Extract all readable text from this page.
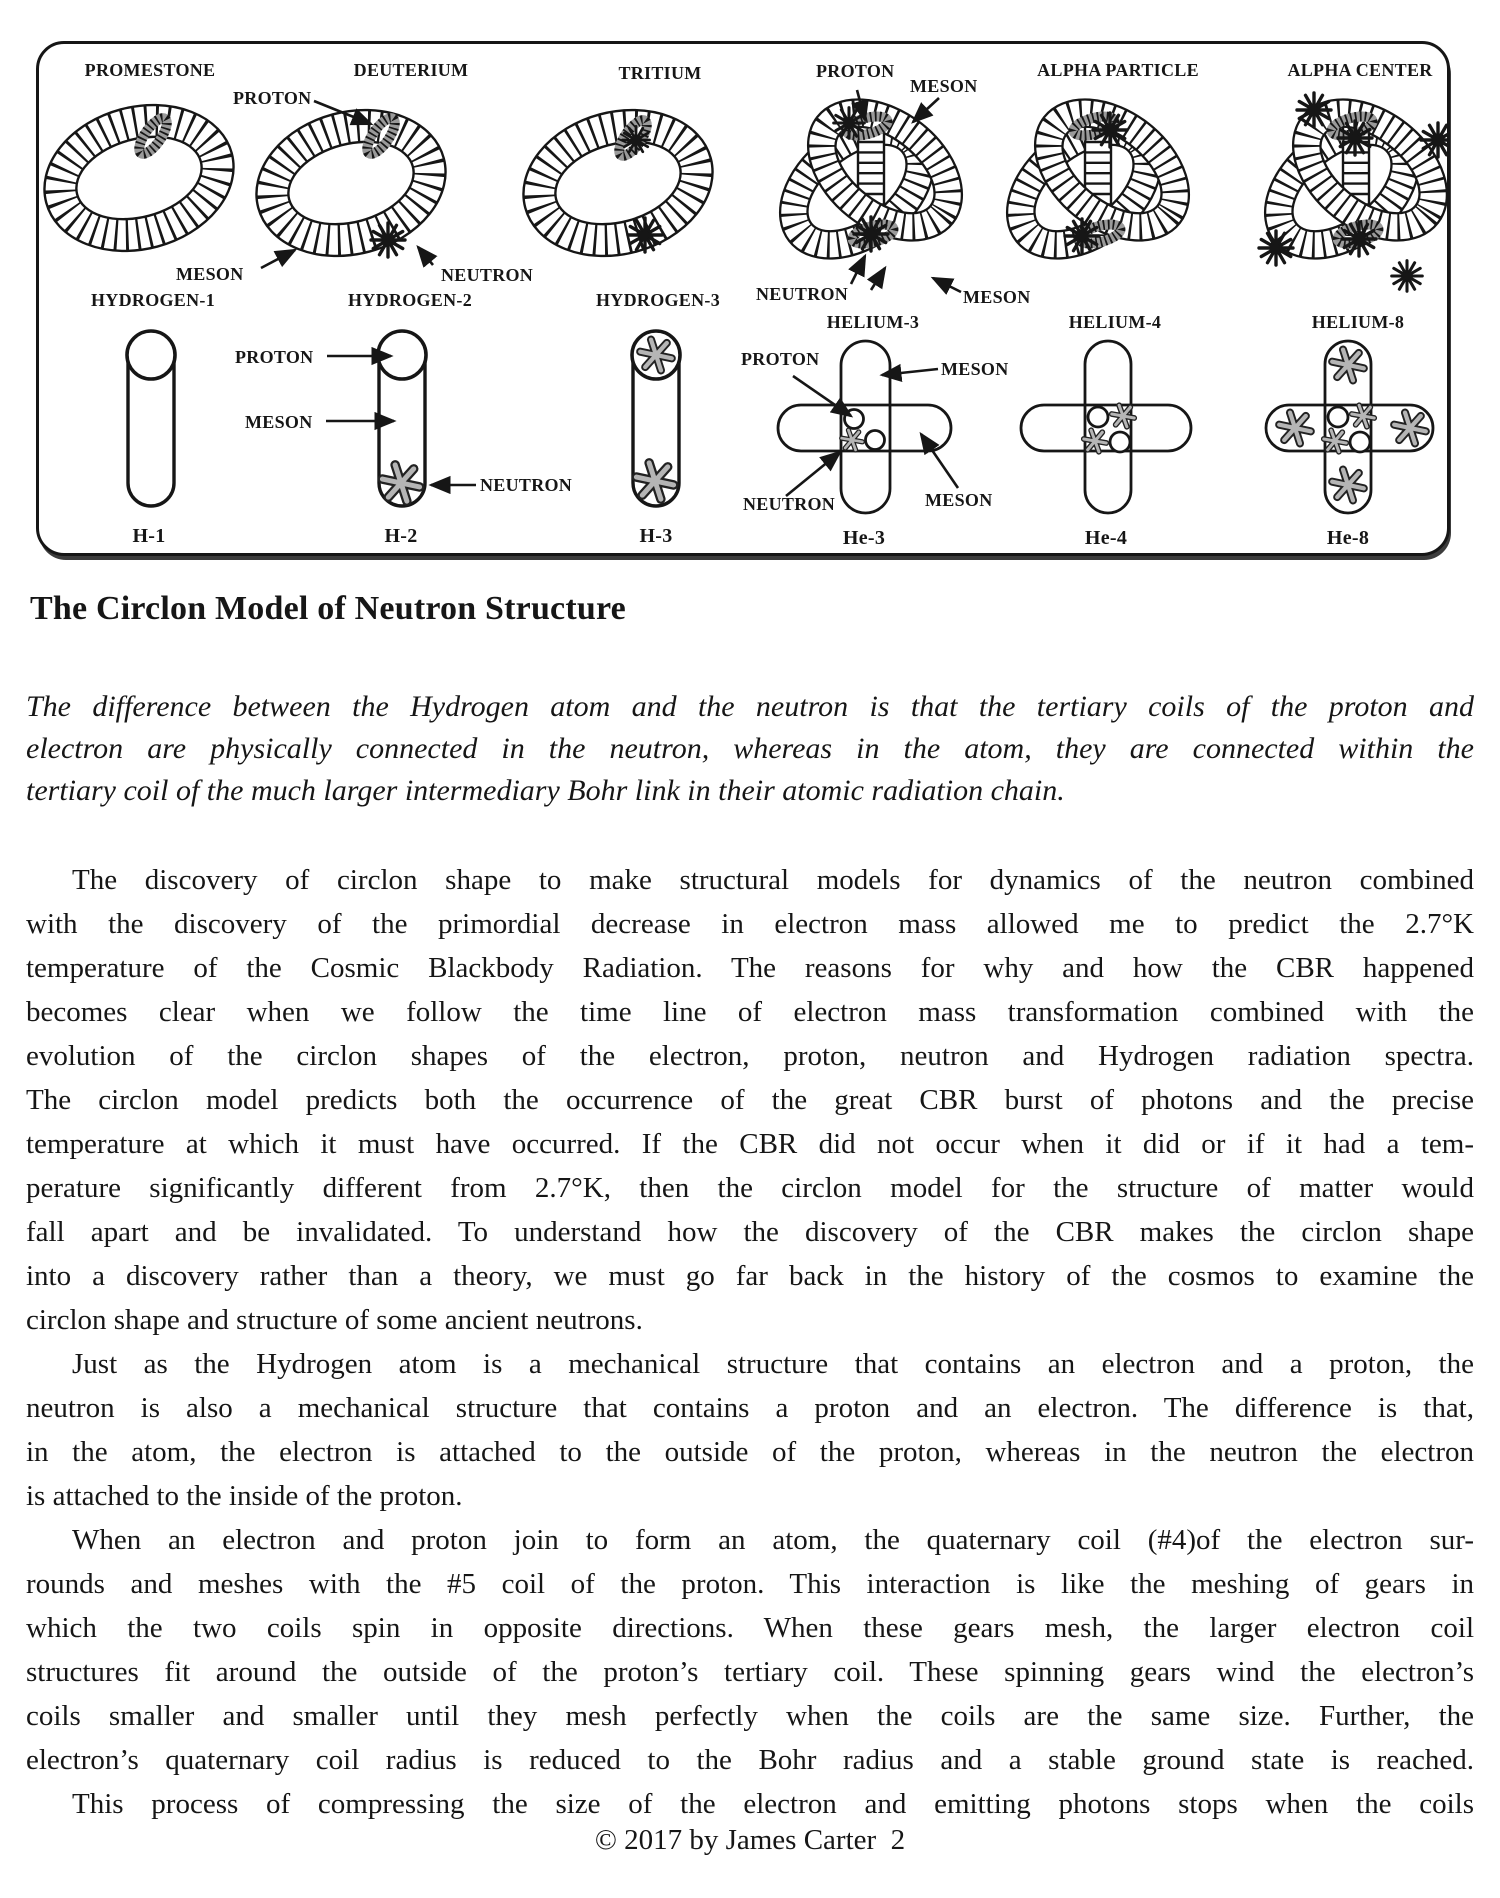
PROMESTONE	DEUTERIUM	TRITIUM	ALPHA PARTICLE	ALPHA CENTER
PROTON
PROTON
MESON
MESON	NEUTRON
NEUTRON	MESON
HYDROGEN-1	HYDROGEN-2	HYDROGEN-3
HELIUM-3	HELIUM-4	HELIUM-8
PROTON
MESON
NEUTRON
PROTON	MESON
NEUTRON	MESON
H-1	H-2	H-3	He-3	He-4	He-8
The Circlon Model of Neutron Structure
The difference between the Hydrogen atom and the neutron is that the tertiary coils of the proton and
electron are physically connected in the neutron, whereas in the atom, they are connected within the
tertiary coil of the much larger intermediary Bohr link in their atomic radiation chain.
The discovery of circlon shape to make structural models for dynamics of the neutron combined
with the discovery of the primordial decrease in electron mass allowed me to predict the 2.7°K
temperature of the Cosmic Blackbody Radiation. The reasons for why and how the CBR happened
becomes clear when we follow the time line of electron mass transformation combined with the
evolution of the circlon shapes of the electron, proton, neutron and Hydrogen radiation spectra.
The circlon model predicts both the occurrence of the great CBR burst of photons and the precise
temperature at which it must have occurred. If the CBR did not occur when it did or if it had a tem-
perature significantly different from 2.7°K, then the circlon model for the structure of matter would
fall apart and be invalidated. To understand how the discovery of the CBR makes the circlon shape
into a discovery rather than a theory, we must go far back in the history of the cosmos to examine the
circlon shape and structure of some ancient neutrons.
Just as the Hydrogen atom is a mechanical structure that contains an electron and a proton, the
neutron is also a mechanical structure that contains a proton and an electron. The difference is that,
in the atom, the electron is attached to the outside of the proton, whereas in the neutron the electron
is attached to the inside of the proton.
When an electron and proton join to form an atom, the quaternary coil (#4)of the electron sur-
rounds and meshes with the #5 coil of the proton. This interaction is like the meshing of gears in
which the two coils spin in opposite directions. When these gears mesh, the larger electron coil
structures fit around the outside of the proton’s tertiary coil. These spinning gears wind the electron’s
coils smaller and smaller until they mesh perfectly when the coils are the same size. Further, the
electron’s quaternary coil radius is reduced to the Bohr radius and a stable ground state is reached.
This process of compressing the size of the electron and emitting photons stops when the coils
© 2017 by James Carter  2
